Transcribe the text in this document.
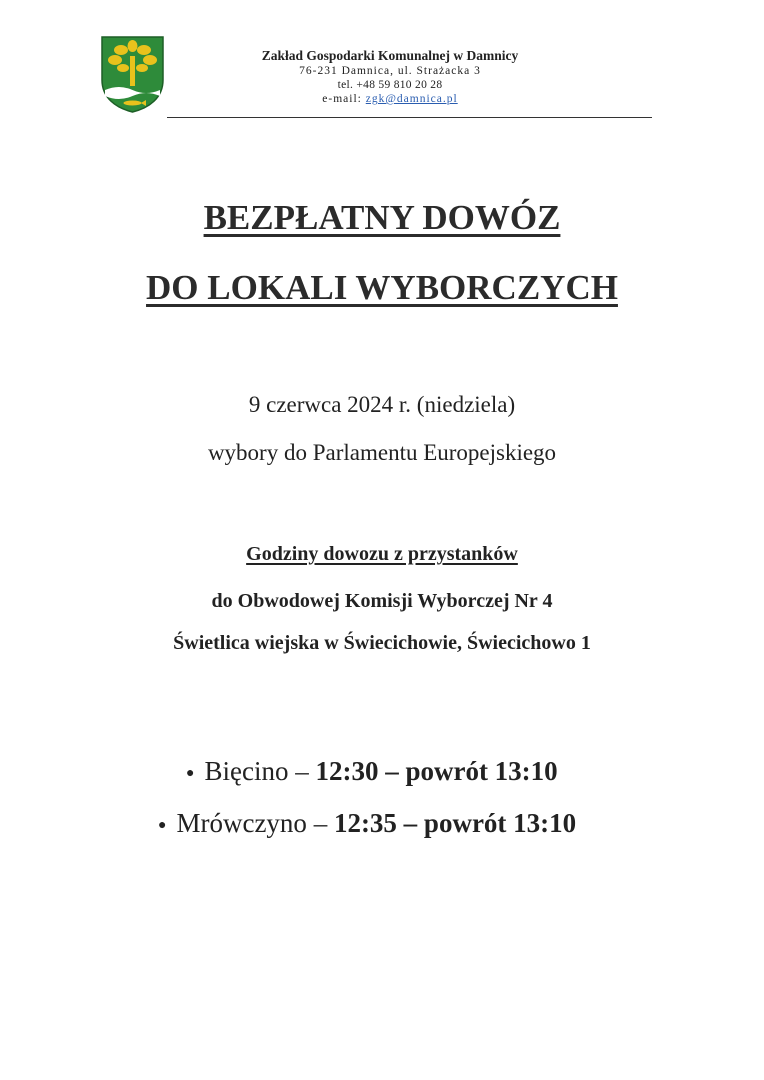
Zakład Gospodarki Komunalnej w Damnicy
76-231 Damnica, ul. Strażacka 3
tel. +48 59 810 20 28
e-mail: zgk@damnica.pl
BEZPŁATNY DOWÓZ
DO LOKALI WYBORCZYCH
9 czerwca 2024 r. (niedziela)
wybory do Parlamentu Europejskiego
Godziny dowozu z przystanków
do Obwodowej Komisji Wyborczej Nr 4
Świetlica wiejska w Świecichowie, Świecichowo 1
● Bięcino – 12:30 – powrót 13:10
● Mrówczyno – 12:35 – powrót 13:10
